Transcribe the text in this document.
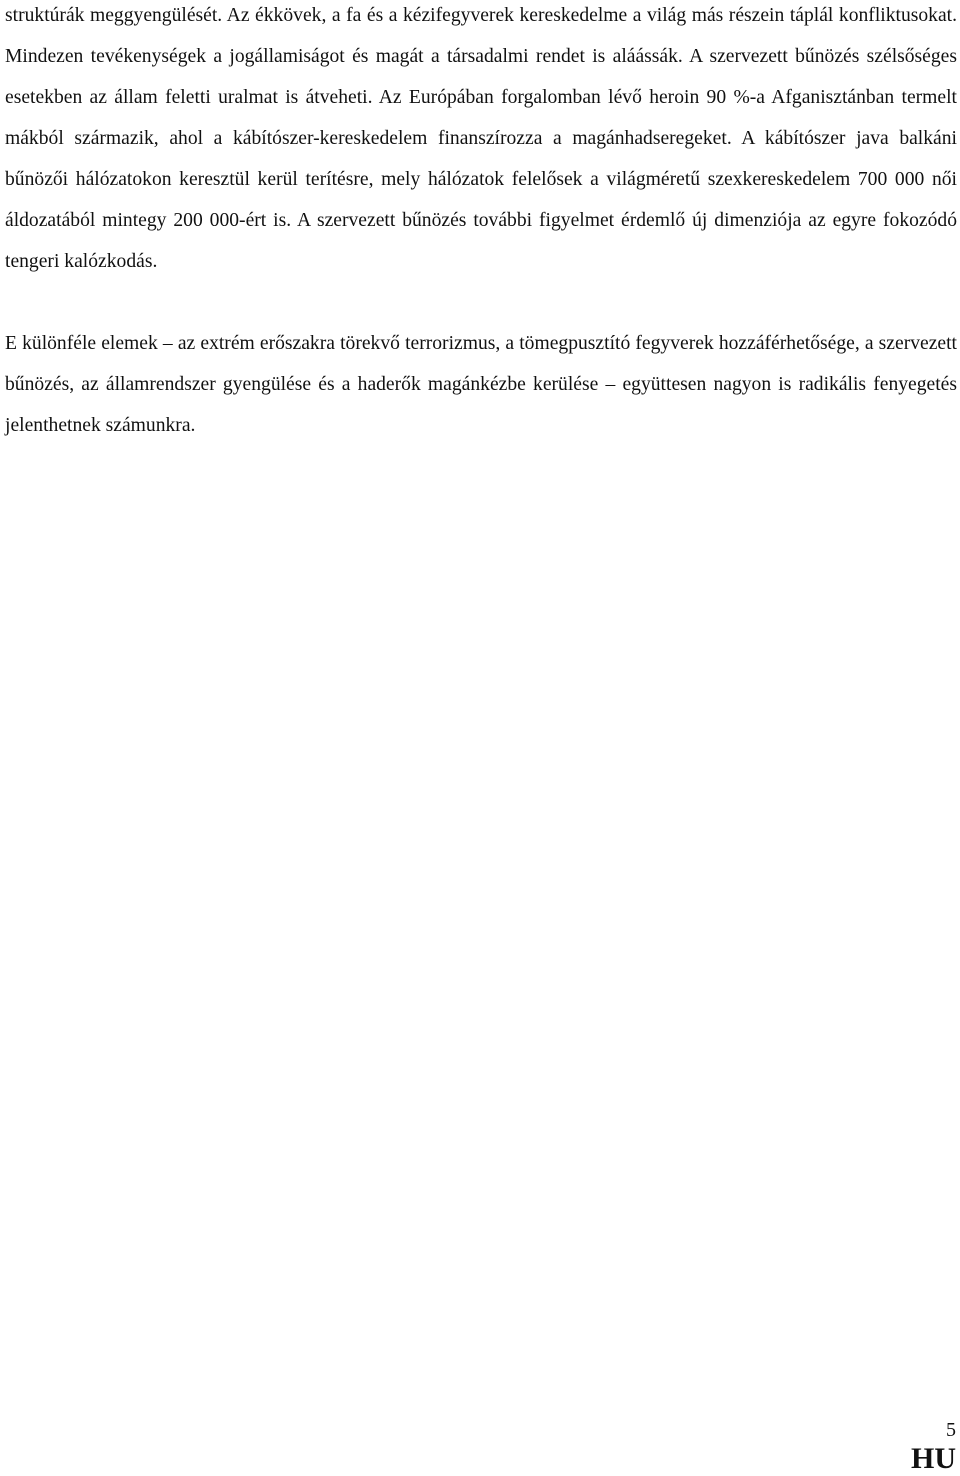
struktúrák meggyengülését. Az ékkövek, a fa és a kézifegyverek kereskedelme a világ más részein táplál konfliktusokat. Mindezen tevékenységek a jogállamiságot és magát a társadalmi rendet is aláássák. A szervezett bűnözés szélsőséges esetekben az állam feletti uralmat is átveheti. Az Európában forgalomban lévő heroin 90 %-a Afganisztánban termelt mákból származik, ahol a kábítószer-kereskedelem finanszírozza a magánhadseregeket. A kábítószer java balkáni bűnözői hálózatokon keresztül kerül terítésre, mely hálózatok felelősek a világméretű szexkereskedelem 700 000 női áldozatából mintegy 200 000-ért is. A szervezett bűnözés további figyelmet érdemlő új dimenziója az egyre fokozódó tengeri kalózkodás.

E különféle elemek – az extrém erőszakra törekvő terrorizmus, a tömegpusztító fegyverek hozzáférhetősége, a szervezett bűnözés, az államrendszer gyengülése és a haderők magánkézbe kerülése – együttesen nagyon is radikális fenyegetés jelenthetnek számunkra.

5

HU
